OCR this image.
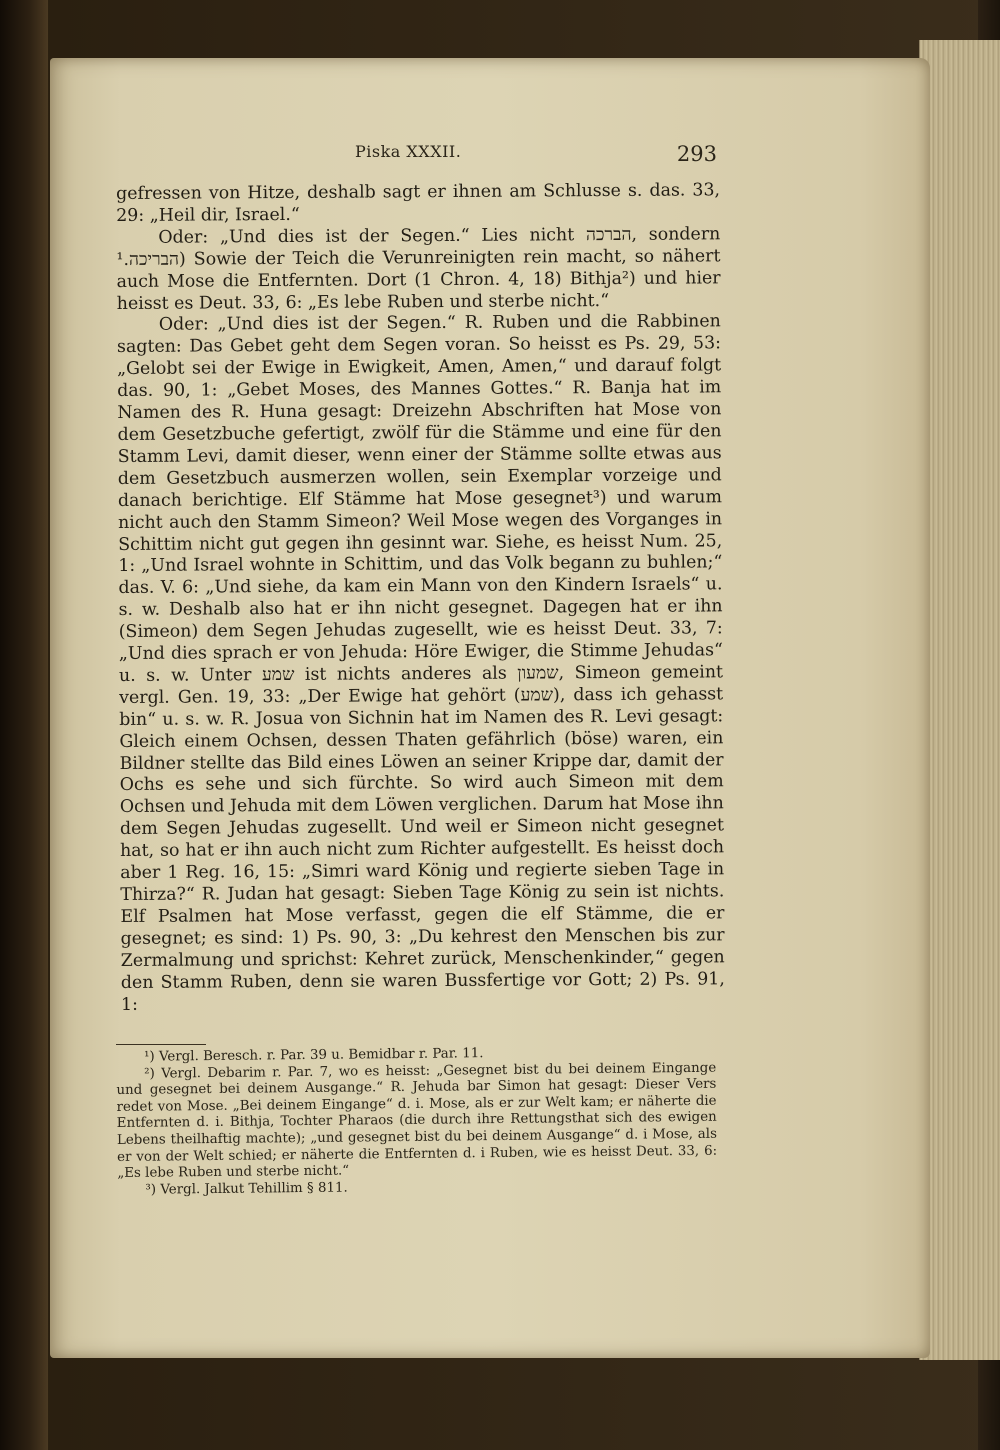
Piska XXXII.	293

gefressen von Hitze, deshalb sagt er ihnen am Schlusse s. das. 33, 29: „Heil dir, Israel.“

Oder: „Und dies ist der Segen.“ Lies nicht הברכה, sondern הבריכה.¹) Sowie der Teich die Verunreinigten rein macht, so nähert auch Mose die Entfernten. Dort (1 Chron. 4, 18) Bithja²) und hier heisst es Deut. 33, 6: „Es lebe Ruben und sterbe nicht.“

Oder: „Und dies ist der Segen.“ R. Ruben und die Rabbinen sagten: Das Gebet geht dem Segen voran. So heisst es Ps. 29, 53: „Gelobt sei der Ewige in Ewigkeit, Amen, Amen,“ und darauf folgt das. 90, 1: „Gebet Moses, des Mannes Gottes.“ R. Banja hat im Namen des R. Huna gesagt: Dreizehn Abschriften hat Mose von dem Gesetzbuche gefertigt, zwölf für die Stämme und eine für den Stamm Levi, damit dieser, wenn einer der Stämme sollte etwas aus dem Gesetzbuch ausmerzen wollen, sein Exemplar vorzeige und danach berichtige. Elf Stämme hat Mose gesegnet³) und warum nicht auch den Stamm Simeon? Weil Mose wegen des Vorganges in Schittim nicht gut gegen ihn gesinnt war. Siehe, es heisst Num. 25, 1: „Und Israel wohnte in Schittim, und das Volk begann zu buhlen;“ das. V. 6: „Und siehe, da kam ein Mann von den Kindern Israels“ u. s. w. Deshalb also hat er ihn nicht gesegnet. Dagegen hat er ihn (Simeon) dem Segen Jehudas zugesellt, wie es heisst Deut. 33, 7: „Und dies sprach er von Jehuda: Höre Ewiger, die Stimme Jehudas“ u. s. w. Unter שמע ist nichts anderes als שמעון, Simeon gemeint vergl. Gen. 19, 33: „Der Ewige hat gehört (שמע), dass ich gehasst bin“ u. s. w. R. Josua von Sichnin hat im Namen des R. Levi gesagt: Gleich einem Ochsen, dessen Thaten gefährlich (böse) waren, ein Bildner stellte das Bild eines Löwen an seiner Krippe dar, damit der Ochs es sehe und sich fürchte. So wird auch Simeon mit dem Ochsen und Jehuda mit dem Löwen verglichen. Darum hat Mose ihn dem Segen Jehudas zugesellt. Und weil er Simeon nicht gesegnet hat, so hat er ihn auch nicht zum Richter aufgestellt. Es heisst doch aber 1 Reg. 16, 15: „Simri ward König und regierte sieben Tage in Thirza?“ R. Judan hat gesagt: Sieben Tage König zu sein ist nichts. Elf Psalmen hat Mose verfasst, gegen die elf Stämme, die er gesegnet; es sind: 1) Ps. 90, 3: „Du kehrest den Menschen bis zur Zermalmung und sprichst: Kehret zurück, Menschenkinder,“ gegen den Stamm Ruben, denn sie waren Bussfertige vor Gott; 2) Ps. 91, 1:

¹) Vergl. Beresch. r. Par. 39 u. Bemidbar r. Par. 11.

²) Vergl. Debarim r. Par. 7, wo es heisst: „Gesegnet bist du bei deinem Eingange und gesegnet bei deinem Ausgange.“ R. Jehuda bar Simon hat gesagt: Dieser Vers redet von Mose. „Bei deinem Eingange“ d. i. Mose, als er zur Welt kam; er näherte die Entfernten d. i. Bithja, Tochter Pharaos (die durch ihre Rettungsthat sich des ewigen Lebens theilhaftig machte); „und gesegnet bist du bei deinem Ausgange“ d. i Mose, als er von der Welt schied; er näherte die Entfernten d. i Ruben, wie es heisst Deut. 33, 6: „Es lebe Ruben und sterbe nicht.“

³) Vergl. Jalkut Tehillim § 811.
